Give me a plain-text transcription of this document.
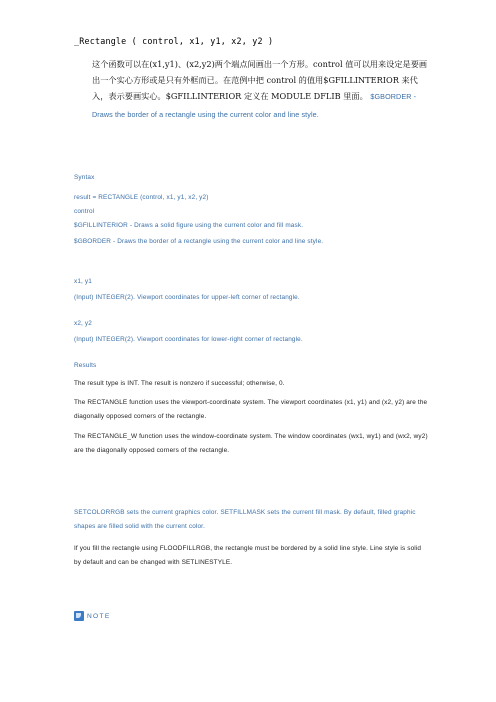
_Rectangle ( control, x1, y1, x2, y2 )
这个函数可以在(x1,y1)、(x2,y2)两个端点间画出一个方形。control 值可以用来设定是要画出一个实心方形或是只有外框而已。在范例中把 control 的值用$GFILLINTERIOR 来代入，表示要画实心。$GFILLINTERIOR 定义在 MODULE DFLIB 里面。 $GBORDER - Draws the border of a rectangle using the current color and line style.
Syntax
result = RECTANGLE (control, x1, y1, x2, y2)
control
$GFILLINTERIOR - Draws a solid figure using the current color and fill mask.
$GBORDER - Draws the border of a rectangle using the current color and line style.
x1, y1
(Input) INTEGER(2). Viewport coordinates for upper-left corner of rectangle.
x2, y2
(Input) INTEGER(2). Viewport coordinates for lower-right corner of rectangle.
Results
The result type is INT. The result is nonzero if successful; otherwise, 0.
The RECTANGLE function uses the viewport-coordinate system. The viewport coordinates (x1, y1) and (x2, y2) are the diagonally opposed corners of the rectangle.
The RECTANGLE_W function uses the window-coordinate system. The window coordinates (wx1, wy1) and (wx2, wy2) are the diagonally opposed corners of the rectangle.
SETCOLORRGB sets the current graphics color. SETFILLMASK sets the current fill mask. By default, filled graphic shapes are filled solid with the current color.
If you fill the rectangle using FLOODFILLRGB, the rectangle must be bordered by a solid line style. Line style is solid by default and can be changed with SETLINESTYLE.
NOTE
